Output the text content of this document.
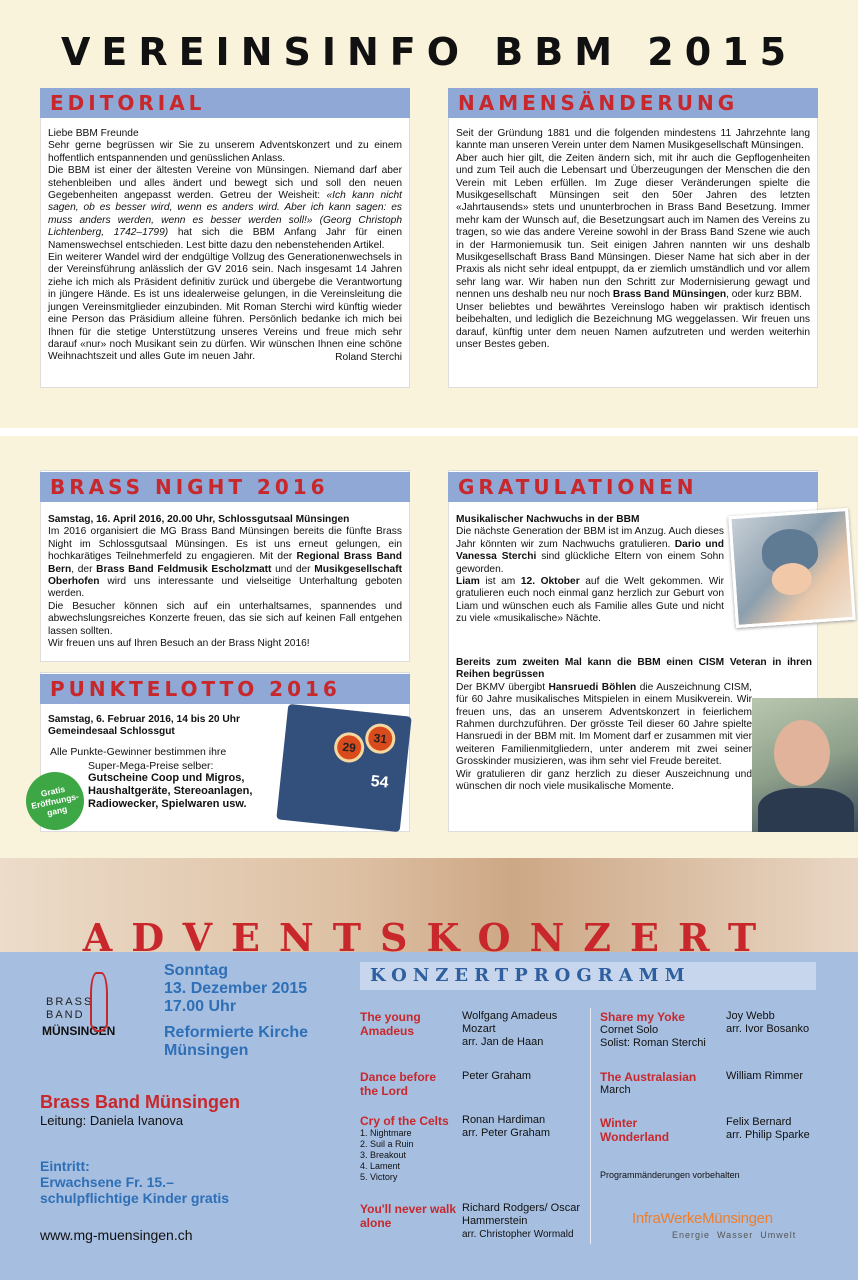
VEREINSINFO BBM 2015
EDITORIAL

Liebe BBM Freunde

Sehr gerne begrüssen wir Sie zu unserem Adventskonzert und zu einem hoffentlich entspannenden und genüsslichen Anlass.

Die BBM ist einer der ältesten Vereine von Münsingen. Niemand darf aber stehenbleiben und alles ändert und bewegt sich und soll den neuen Gegebenheiten angepasst werden. Getreu der Weisheit: «Ich kann nicht sagen, ob es besser wird, wenn es anders wird. Aber ich kann sagen: es muss anders werden, wenn es besser werden soll!» (Georg Christoph Lichtenberg, 1742–1799) hat sich die BBM Anfang Jahr für einen Namenswechsel entschieden. Lest bitte dazu den nebenstehenden Artikel.

Ein weiterer Wandel wird der endgültige Vollzug des Generationenwechsels in der Vereinsführung anlässlich der GV 2016 sein. Nach insgesamt 14 Jahren ziehe ich mich als Präsident definitiv zurück und übergebe die Verantwortung in jüngere Hände. Es ist uns idealerweise gelungen, in die Vereinsleitung die jungen Vereinsmitglieder einzubinden. Mit Roman Sterchi wird künftig wieder eine Person das Präsidium alleine führen. Persönlich bedanke ich mich bei Ihnen für die stetige Unterstützung unseres Vereins und freue mich sehr darauf «nur» noch Musikant sein zu dürfen. Wir wünschen Ihnen eine schöne Weihnachtszeit und alles Gute im neuen Jahr.	Roland Sterchi

NAMENSÄNDERUNG

Seit der Gründung 1881 und die folgenden mindestens 11 Jahrzehnte lang kannte man unseren Verein unter dem Namen Musikgesellschaft Münsingen.

Aber auch hier gilt, die Zeiten ändern sich, mit ihr auch die Gepflogenheiten und zum Teil auch die Lebensart und Überzeugungen der Menschen die den Verein mit Leben erfüllen. Im Zuge dieser Veränderungen spielte die Musikgesellschaft Münsingen seit den 50er Jahren des letzten «Jahrtausends» stets und ununterbrochen in Brass Band Besetzung. Immer mehr kam der Wunsch auf, die Besetzungsart auch im Namen des Vereins zu tragen, so wie das andere Vereine sowohl in der Brass Band Szene wie auch in der Harmoniemusik tun. Seit einigen Jahren nannten wir uns deshalb Musikgesellschaft Brass Band Münsingen. Dieser Name hat sich aber in der Praxis als nicht sehr ideal entpuppt, da er ziemlich umständlich und vor allem sehr lang war. Wir haben nun den Schritt zur Modernisierung gewagt und nennen uns deshalb neu nur noch Brass Band Münsingen, oder kurz BBM.

Unser beliebtes und bewährtes Vereinslogo haben wir praktisch identisch beibehalten, und lediglich die Bezeichnung MG weggelassen. Wir freuen uns darauf, künftig unter dem neuen Namen aufzutreten und werden weiterhin unser Bestes geben.

BRASS NIGHT 2016

Samstag, 16. April 2016, 20.00 Uhr, Schlossgutsaal Münsingen

Im 2016 organisiert die MG Brass Band Münsingen bereits die fünfte Brass Night im Schlossgutsaal Münsingen. Es ist uns erneut gelungen, ein hochkarätiges Teilnehmerfeld zu engagieren. Mit der Regional Brass Band Bern, der Brass Band Feldmusik Escholzmatt und der Musikgesellschaft Oberhofen wird uns interessante und vielseitige Unterhaltung geboten werden.

Die Besucher können sich auf ein unterhaltsames, spannendes und abwechslungsreiches Konzerte freuen, das sie sich auf keinen Fall entgehen lassen sollten.

Wir freuen uns auf Ihren Besuch an der Brass Night 2016!

PUNKTELOTTO 2016

Samstag, 6. Februar 2016, 14 bis 20 Uhr Gemeindesaal Schlossgut

29
31
54
Alle Punkte-Gewinner bestimmen ihre
Super-Mega-Preise selber:
Gutscheine Coop und Migros, Haushaltgeräte, Stereoanlagen, Radiowecker, Spielwaren usw.
Gratis Eröffnungs-gang
GRATULATIONEN

Musikalischer Nachwuchs in der BBM

Die nächste Generation der BBM ist im Anzug. Auch dieses Jahr könnten wir zum Nachwuchs gratulieren. Dario und Vanessa Sterchi sind glückliche Eltern von einem Sohn geworden.

Liam ist am 12. Oktober auf die Welt gekommen. Wir gratulieren euch noch einmal ganz herzlich zur Geburt von Liam und wünschen euch als Familie alles Gute und nicht zu viele «musikalische» Nächte.

Bereits zum zweiten Mal kann die BBM einen CISM Veteran in ihren Reihen begrüssen

Der BKMV übergibt Hansruedi Böhlen die Auszeichnung CISM, für 60 Jahre musikalisches Mitspielen in einem Musikverein. Wir freuen uns, das an unserem Adventskonzert in feierlichem Rahmen durchzuführen. Der grösste Teil dieser 60 Jahre spielte Hansruedi in der BBM mit. Im Moment darf er zusammen mit vier weiteren Familienmitgliedern, unter anderem mit zwei seiner Grosskinder musizieren, was ihm sehr viel Freude bereitet.

Wir gratulieren dir ganz herzlich zu dieser Auszeichnung und wünschen dir noch viele musikalische Momente.

ADVENTSKONZERT
BRASS
BAND
MÜNSINGEN
Sonntag
13. Dezember 2015
17.00 Uhr
Reformierte Kirche
Münsingen
Brass Band Münsingen
Leitung: Daniela Ivanova
Eintritt:
Erwachsene Fr. 15.–
schulpflichtige Kinder gratis
www.mg-muensingen.ch
KONZERTPROGRAMM
The young Amadeus
Wolfgang Amadeus Mozart
arr. Jan de Haan
Dance before the Lord
Peter Graham
Cry of the Celts
1. Nightmare
2. Suil a Ruin
3. Breakout
4. Lament
5. Victory
Ronan Hardiman
arr. Peter Graham
You'll never walk alone
Richard Rodgers/ Oscar Hammerstein
arr. Christopher Wormald
Share my Yoke
Cornet Solo
Solist: Roman Sterchi
Joy Webb
arr. Ivor Bosanko
The Australasian
March
William Rimmer
Winter Wonderland
Felix Bernard
arr. Philip Sparke
Programmänderungen vorbehalten
InfraWerkeMünsingen
Energie  Wasser  Umwelt
